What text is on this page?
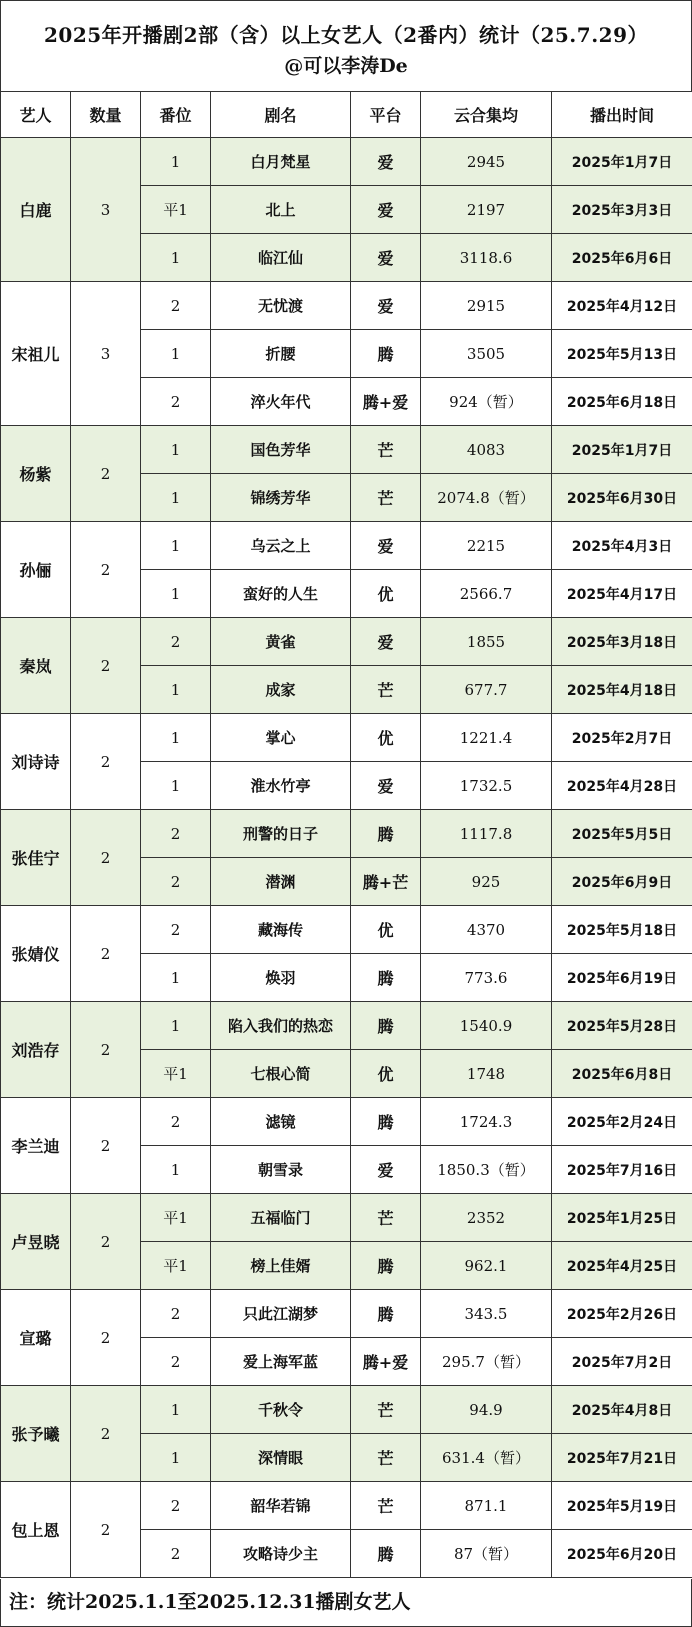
2025年开播剧2部（含）以上女艺人（2番内）统计（25.7.29）
@可以李涛De
艺人	数量	番位	剧名	平台	云合集均	播出时间
白鹿	3	1	白月梵星	爱	2945	2025年1月7日
		平1	北上	爱	2197	2025年3月3日
		1	临江仙	爱	3118.6	2025年6月6日
宋祖儿	3	2	无忧渡	爱	2915	2025年4月12日
		1	折腰	腾	3505	2025年5月13日
		2	淬火年代	腾+爱	924（暂）	2025年6月18日
杨紫	2	1	国色芳华	芒	4083	2025年1月7日
		1	锦绣芳华	芒	2074.8（暂）	2025年6月30日
孙俪	2	1	乌云之上	爱	2215	2025年4月3日
		1	蛮好的人生	优	2566.7	2025年4月17日
秦岚	2	2	黄雀	爱	1855	2025年3月18日
		1	成家	芒	677.7	2025年4月18日
刘诗诗	2	1	掌心	优	1221.4	2025年2月7日
		1	淮水竹亭	爱	1732.5	2025年4月28日
张佳宁	2	2	刑警的日子	腾	1117.8	2025年5月5日
		2	潜渊	腾+芒	925	2025年6月9日
张婧仪	2	2	藏海传	优	4370	2025年5月18日
		1	焕羽	腾	773.6	2025年6月19日
刘浩存	2	1	陷入我们的热恋	腾	1540.9	2025年5月28日
		平1	七根心简	优	1748	2025年6月8日
李兰迪	2	2	滤镜	腾	1724.3	2025年2月24日
		1	朝雪录	爱	1850.3（暂）	2025年7月16日
卢昱晓	2	平1	五福临门	芒	2352	2025年1月25日
		平1	榜上佳婿	腾	962.1	2025年4月25日
宣璐	2	2	只此江湖梦	腾	343.5	2025年2月26日
		2	爱上海军蓝	腾+爱	295.7（暂）	2025年7月2日
张予曦	2	1	千秋令	芒	94.9	2025年4月8日
		1	深情眼	芒	631.4（暂）	2025年7月21日
包上恩	2	2	韶华若锦	芒	871.1	2025年5月19日
		2	攻略诗少主	腾	87（暂）	2025年6月20日
注：统计2025.1.1至2025.12.31播剧女艺人
